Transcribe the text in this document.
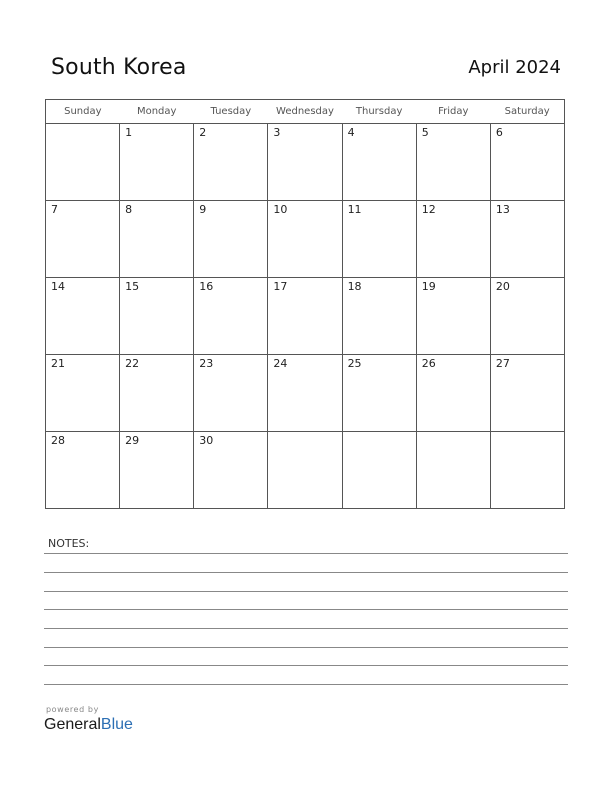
South Korea	April 2024
Sunday	Monday	Tuesday	Wednesday	Thursday	Friday	Saturday

	1	2	3	4	5	6

7	8	9	10	11	12	13

14	15	16	17	18	19	20

21	22	23	24	25	26	27

28	29	30				

NOTES:
powered by
GeneralBlue
